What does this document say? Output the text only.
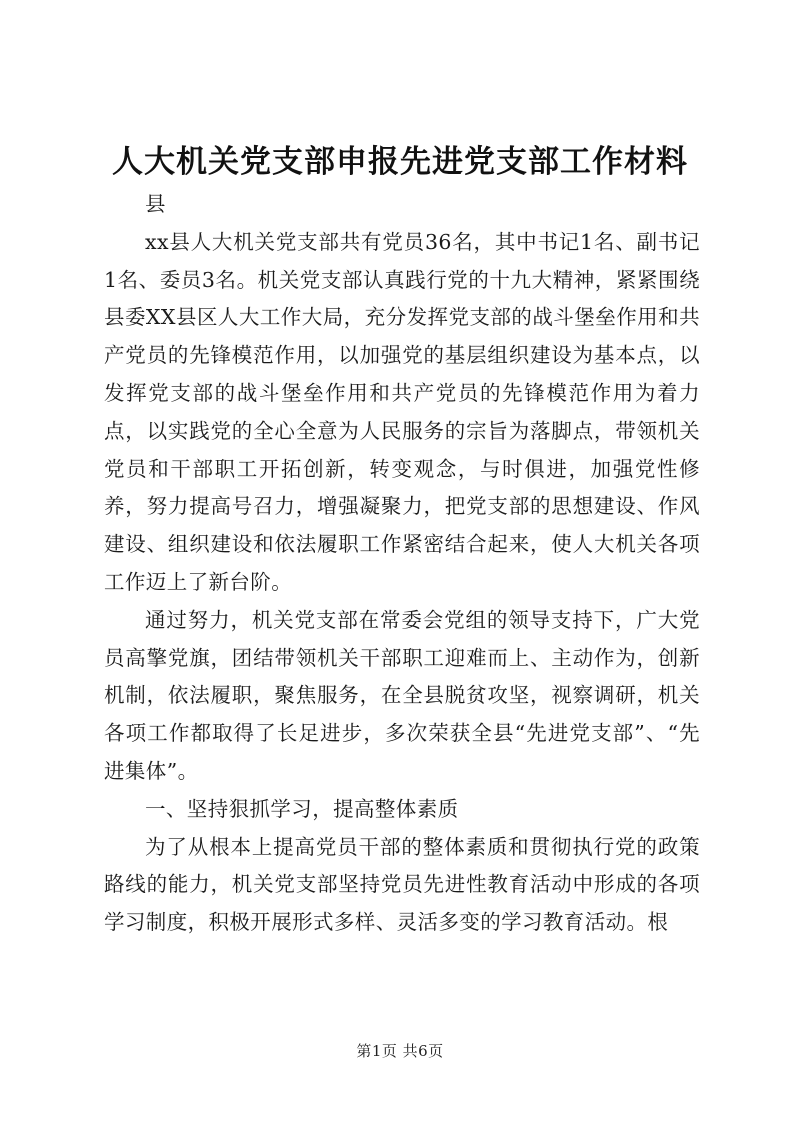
人大机关党支部申报先进党支部工作材料

县

xx县人大机关党支部共有党员36名，其中书记1名、副书记1名、委员3名。机关党支部认真践行党的十九大精神，紧紧围绕县委XX县区人大工作大局，充分发挥党支部的战斗堡垒作用和共产党员的先锋模范作用，以加强党的基层组织建设为基本点，以发挥党支部的战斗堡垒作用和共产党员的先锋模范作用为着力点，以实践党的全心全意为人民服务的宗旨为落脚点，带领机关党员和干部职工开拓创新，转变观念，与时俱进，加强党性修养，努力提高号召力，增强凝聚力，把党支部的思想建设、作风建设、组织建设和依法履职工作紧密结合起来，使人大机关各项工作迈上了新台阶。

通过努力，机关党支部在常委会党组的领导支持下，广大党员高擎党旗，团结带领机关干部职工迎难而上、主动作为，创新机制，依法履职，聚焦服务，在全县脱贫攻坚，视察调研，机关各项工作都取得了长足进步，多次荣获全县“先进党支部”、“先进集体”。

一、坚持狠抓学习，提高整体素质

为了从根本上提高党员干部的整体素质和贯彻执行党的政策路线的能力，机关党支部坚持党员先进性教育活动中形成的各项学习制度，积极开展形式多样、灵活多变的学习教育活动。根

第1页 共6页
